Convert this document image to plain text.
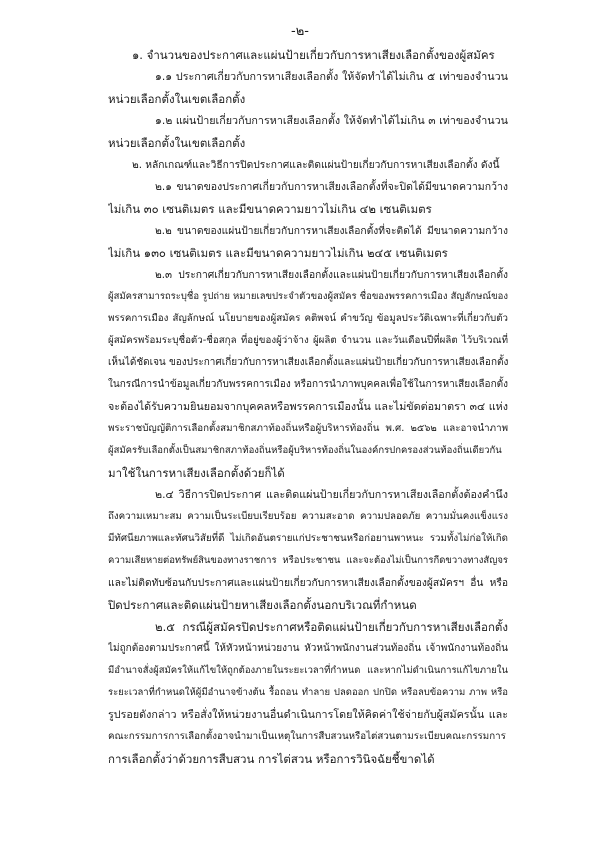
-๒-
๑. จำนวนของประกาศและแผ่นป้ายเกี่ยวกับการหาเสียงเลือกตั้งของผู้สมัคร
๑.๑ ประกาศเกี่ยวกับการหาเสียงเลือกตั้ง ให้จัดทำได้ไม่เกิน ๕ เท่าของจำนวน
หน่วยเลือกตั้งในเขตเลือกตั้ง
๑.๒ แผ่นป้ายเกี่ยวกับการหาเสียงเลือกตั้ง ให้จัดทำได้ไม่เกิน ๓ เท่าของจำนวน
หน่วยเลือกตั้งในเขตเลือกตั้ง
๒. หลักเกณฑ์และวิธีการปิดประกาศและติดแผ่นป้ายเกี่ยวกับการหาเสียงเลือกตั้ง ดังนี้
๒.๑ ขนาดของประกาศเกี่ยวกับการหาเสียงเลือกตั้งที่จะปิดได้มีขนาดความกว้าง
ไม่เกิน ๓๐ เซนติเมตร และมีขนาดความยาวไม่เกิน ๔๒ เซนติเมตร
๒.๒ ขนาดของแผ่นป้ายเกี่ยวกับการหาเสียงเลือกตั้งที่จะติดได้ มีขนาดความกว้าง
ไม่เกิน ๑๓๐ เซนติเมตร และมีขนาดความยาวไม่เกิน ๒๔๕ เซนติเมตร
๒.๓ ประกาศเกี่ยวกับการหาเสียงเลือกตั้งและแผ่นป้ายเกี่ยวกับการหาเสียงเลือกตั้ง
ผู้สมัครสามารถระบุชื่อ รูปถ่าย หมายเลขประจำตัวของผู้สมัคร ชื่อของพรรคการเมือง สัญลักษณ์ของ
พรรคการเมือง สัญลักษณ์ นโยบายของผู้สมัคร คติพจน์ คำขวัญ ข้อมูลประวัติเฉพาะที่เกี่ยวกับตัว
ผู้สมัครพร้อมระบุชื่อตัว-ชื่อสกุล ที่อยู่ของผู้ว่าจ้าง ผู้ผลิต จำนวน และวันเดือนปีที่ผลิต ไว้บริเวณที่
เห็นได้ชัดเจน ของประกาศเกี่ยวกับการหาเสียงเลือกตั้งและแผ่นป้ายเกี่ยวกับการหาเสียงเลือกตั้ง
ในกรณีการนำข้อมูลเกี่ยวกับพรรคการเมือง หรือการนำภาพบุคคลเพื่อใช้ในการหาเสียงเลือกตั้ง
จะต้องได้รับความยินยอมจากบุคคลหรือพรรคการเมืองนั้น และไม่ขัดต่อมาตรา ๓๔ แห่ง
พระราชบัญญัติการเลือกตั้งสมาชิกสภาท้องถิ่นหรือผู้บริหารท้องถิ่น พ.ศ. ๒๕๖๒ และอาจนำภาพ
ผู้สมัครรับเลือกตั้งเป็นสมาชิกสภาท้องถิ่นหรือผู้บริหารท้องถิ่นในองค์กรปกครองส่วนท้องถิ่นเดียวกัน
มาใช้ในการหาเสียงเลือกตั้งด้วยก็ได้
๒.๔ วิธีการปิดประกาศ และติดแผ่นป้ายเกี่ยวกับการหาเสียงเลือกตั้งต้องคำนึง
ถึงความเหมาะสม ความเป็นระเบียบเรียบร้อย ความสะอาด ความปลอดภัย ความมั่นคงแข็งแรง
มีทัศนียภาพและทัศนวิสัยที่ดี ไม่เกิดอันตรายแก่ประชาชนหรือก่อยานพาหนะ รวมทั้งไม่ก่อให้เกิด
ความเสียหายต่อทรัพย์สินของทางราชการ หรือประชาชน และจะต้องไม่เป็นการกีดขวางทางสัญจร
และไม่ติดทับซ้อนกับประกาศและแผ่นป้ายเกี่ยวกับการหาเสียงเลือกตั้งของผู้สมัครฯ อื่น หรือ
ปิดประกาศและติดแผ่นป้ายหาเสียงเลือกตั้งนอกบริเวณที่กำหนด
๒.๕ กรณีผู้สมัครปิดประกาศหรือติดแผ่นป้ายเกี่ยวกับการหาเสียงเลือกตั้ง
ไม่ถูกต้องตามประกาศนี้ ให้หัวหน้าหน่วยงาน หัวหน้าพนักงานส่วนท้องถิ่น เจ้าพนักงานท้องถิ่น
มีอำนาจสั่งผู้สมัครให้แก้ไขให้ถูกต้องภายในระยะเวลาที่กำหนด และหากไม่ดำเนินการแก้ไขภายใน
ระยะเวลาที่กำหนดให้ผู้มีอำนาจข้างต้น รื้อถอน ทำลาย ปลดออก ปกปิด หรือลบข้อความ ภาพ หรือ
รูปรอยดังกล่าว หรือสั่งให้หน่วยงานอื่นดำเนินการโดยให้คิดค่าใช้จ่ายกับผู้สมัครนั้น และ
คณะกรรมการการเลือกตั้งอาจนำมาเป็นเหตุในการสืบสวนหรือไต่สวนตามระเบียบคณะกรรมการ
การเลือกตั้งว่าด้วยการสืบสวน การไต่สวน หรือการวินิจฉัยชี้ขาดได้
